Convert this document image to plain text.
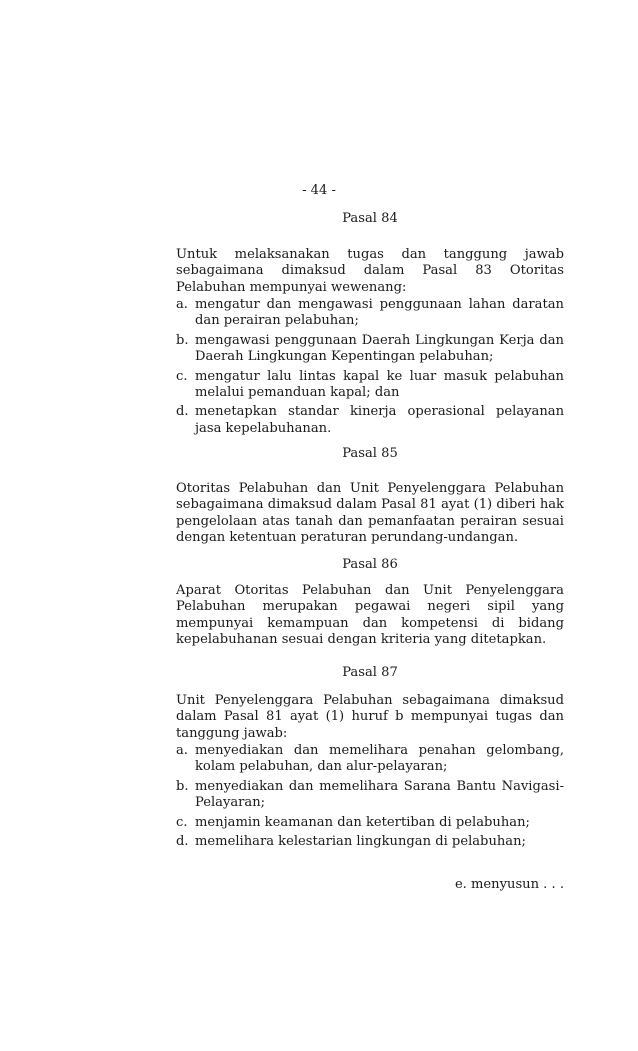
- 44 -
Pasal 84

Untuk melaksanakan tugas dan tanggung jawab sebagaimana dimaksud dalam Pasal 83 Otoritas Pelabuhan mempunyai wewenang:

a. mengatur dan mengawasi penggunaan lahan daratan dan perairan pelabuhan;
b. mengawasi penggunaan Daerah Lingkungan Kerja dan Daerah Lingkungan Kepentingan pelabuhan;
c. mengatur lalu lintas kapal ke luar masuk pelabuhan melalui pemanduan kapal; dan
d. menetapkan standar kinerja operasional pelayanan jasa kepelabuhanan.
Pasal 85

Otoritas Pelabuhan dan Unit Penyelenggara Pelabuhan sebagaimana dimaksud dalam Pasal 81 ayat (1) diberi hak pengelolaan atas tanah dan pemanfaatan perairan sesuai dengan ketentuan peraturan perundang-undangan.

Pasal 86

Aparat Otoritas Pelabuhan dan Unit Penyelenggara Pelabuhan merupakan pegawai negeri sipil yang mempunyai kemampuan dan kompetensi di bidang kepelabuhanan sesuai dengan kriteria yang ditetapkan.

Pasal 87

Unit Penyelenggara Pelabuhan sebagaimana dimaksud dalam Pasal 81 ayat (1) huruf b mempunyai tugas dan tanggung jawab:

a. menyediakan dan memelihara penahan gelombang, kolam pelabuhan, dan alur-pelayaran;
b. menyediakan dan memelihara Sarana Bantu Navigasi-Pelayaran;
c. menjamin keamanan dan ketertiban di pelabuhan;
d. memelihara kelestarian lingkungan di pelabuhan;
e. menyusun . . .
